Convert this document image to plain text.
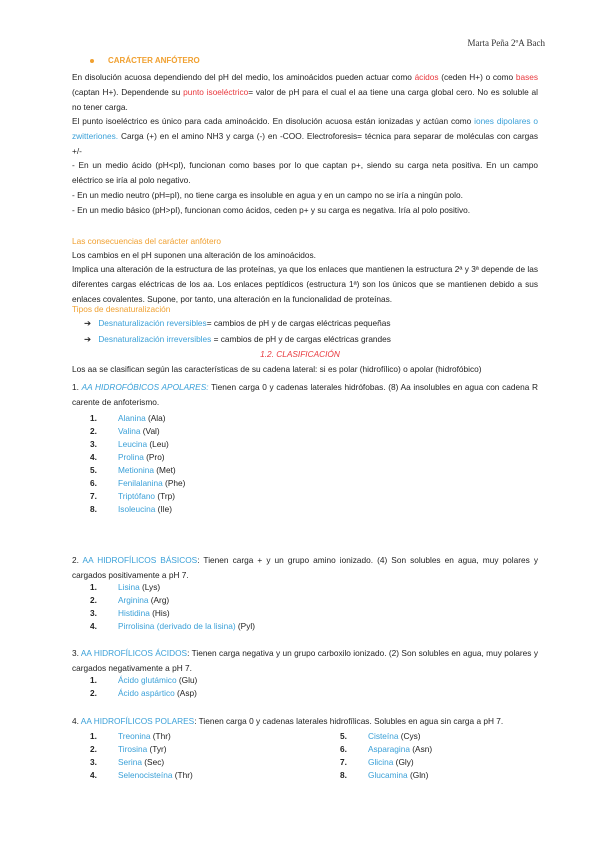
Marta Peña 2ºA Bach
CARÁCTER ANFÓTERO
En disolución acuosa dependiendo del pH del medio, los aminoácidos pueden actuar como ácidos (ceden H+) o como bases (captan H+). Dependende su punto isoeléctrico= valor de pH para el cual el aa tiene una carga global cero. No es soluble al no tener carga.
El punto isoeléctrico es único para cada aminoácido. En disolución acuosa están ionizadas y actúan como iones dipolares o zwitteriones. Carga (+) en el amino NH3 y carga (-) en -COO. Electroforesis= técnica para separar de moléculas con cargas +/-
- En un medio ácido (pH<pI), funcionan como bases por lo que captan p+, siendo su carga neta positiva. En un campo eléctrico se iría al polo negativo.
- En un medio neutro (pH=pI), no tiene carga es insoluble en agua y en un campo no se iría a ningún polo.
- En un medio básico (pH>pI), funcionan como ácidos, ceden p+ y su carga es negativa. Iría al polo positivo.
Las consecuencias del carácter anfótero
Los cambios en el pH suponen una alteración de los aminoácidos.
Implica una alteración de la estructura de las proteínas, ya que los enlaces que mantienen la estructura 2ª y 3ª depende de las diferentes cargas eléctricas de los aa. Los enlaces peptídicos (estructura 1ª) son los únicos que se mantienen debido a sus enlaces covalentes. Supone, por tanto, una alteración en la funcionalidad de proteínas.
Tipos de desnaturalización
➔ Desnaturalización reversibles= cambios de pH y de cargas eléctricas pequeñas
➔ Desnaturalización irreversibles = cambios de pH y de cargas eléctricas grandes
1.2. CLASIFICACIÓN
Los aa se clasifican según las características de su cadena lateral: si es polar (hidrofílico) o apolar (hidrofóbico)
1. AA HIDROFÓBICOS APOLARES: Tienen carga 0 y cadenas laterales hidrófobas. (8) Aa insolubles en agua con cadena R carente de anfoterismo.
1.	Alanina (Ala)
2.	Valina (Val)
3.	Leucina (Leu)
4.	Prolina (Pro)
5.	Metionina (Met)
6.	Fenilalanina (Phe)
7.	Triptófano (Trp)
8.	Isoleucina (Ile)
2. AA HIDROFÍLICOS BÁSICOS: Tienen carga + y un grupo amino ionizado. (4) Son solubles en agua, muy polares y cargados positivamente a pH 7.
1.	Lisina (Lys)
2.	Arginina (Arg)
3.	Histidina (His)
4.	Pirrolisina (derivado de la lisina) (Pyl)
3. AA HIDROFÍLICOS ÁCIDOS: Tienen carga negativa y un grupo carboxilo ionizado. (2) Son solubles en agua, muy polares y cargados negativamente a pH 7.
1.	Ácido glutámico (Glu)
2.	Ácido aspártico (Asp)
4. AA HIDROFÍLICOS POLARES: Tienen carga 0 y cadenas laterales hidrofílicas. Solubles en agua sin carga a pH 7.
1.	Treonina (Thr)
2.	Tirosina (Tyr)
3.	Serina (Sec)
4.	Selenocisteína (Thr)
5.	Cisteína (Cys)
6.	Asparagina (Asn)
7.	Glicina (Gly)
8.	Glucamina (Gln)
